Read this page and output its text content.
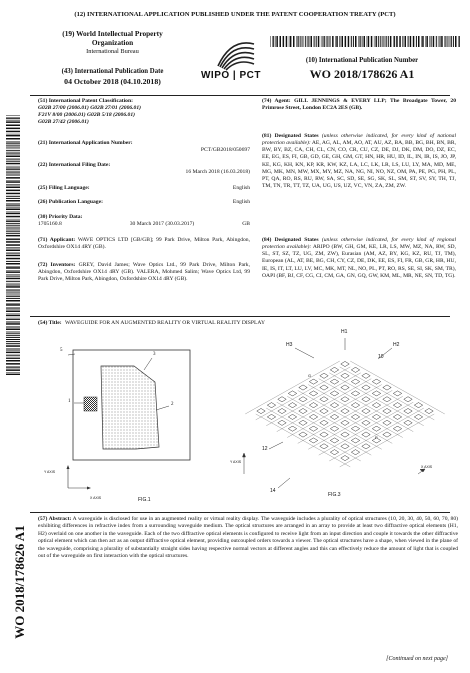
(12) INTERNATIONAL APPLICATION PUBLISHED UNDER THE PATENT COOPERATION TREATY (PCT)
(19) World Intellectual Property
Organization
International Bureau
(43) International Publication Date
04 October 2018 (04.10.2018)
WIPO | PCT
(10) International Publication Number
WO 2018/178626 A1
(51) International Patent Classification:
G02B 27/00 (2006.01) G02B 27/01 (2006.01)
F21V 8/00 (2006.01) G02B 5/18 (2006.01)
G02B 27/42 (2006.01)
(21) International Application Number:
PCT/GB2018/050697
(22) International Filing Date:
16 March 2018 (16.03.2018)
(25) Filing Language:	English
(26) Publication Language:	English
(30) Priority Data:
1705160.8	30 March 2017 (30.03.2017)	GB
(71) Applicant: WAVE OPTICS LTD [GB/GB]; 99 Park Drive, Milton Park, Abingdon, Oxfordshire OX14 4RY (GB).
(72) Inventors: GREY, David James; Wave Optics Ltd., 99 Park Drive, Milton Park, Abingdon, Oxfordshire OX14 4RY (GB). VALERA, Mohmed Salim; Wave Optics Ltd, 99 Park Drive, Milton Park, Abingdon, Oxfordshire OX14 4RY (GB).
(74) Agent: GILL JENNINGS & EVERY LLP; The Broadgate Tower, 20 Primrose Street, London EC2A 2ES (GB).
(81) Designated States (unless otherwise indicated, for every kind of national protection available): AE, AG, AL, AM, AO, AT, AU, AZ, BA, BB, BG, BH, BN, BR, BW, BY, BZ, CA, CH, CL, CN, CO, CR, CU, CZ, DE, DJ, DK, DM, DO, DZ, EC, EE, EG, ES, FI, GB, GD, GE, GH, GM, GT, HN, HR, HU, ID, IL, IN, IR, IS, JO, JP, KE, KG, KH, KN, KP, KR, KW, KZ, LA, LC, LK, LR, LS, LU, LY, MA, MD, ME, MG, MK, MN, MW, MX, MY, MZ, NA, NG, NI, NO, NZ, OM, PA, PE, PG, PH, PL, PT, QA, RO, RS, RU, RW, SA, SC, SD, SE, SG, SK, SL, SM, ST, SV, SY, TH, TJ, TM, TN, TR, TT, TZ, UA, UG, US, UZ, VC, VN, ZA, ZM, ZW.
(84) Designated States (unless otherwise indicated, for every kind of regional protection available): ARIPO (BW, GH, GM, KE, LR, LS, MW, MZ, NA, RW, SD, SL, ST, SZ, TZ, UG, ZM, ZW), Eurasian (AM, AZ, BY, KG, KZ, RU, TJ, TM), European (AL, AT, BE, BG, CH, CY, CZ, DE, DK, EE, ES, FI, FR, GB, GR, HR, HU, IE, IS, IT, LT, LU, LV, MC, MK, MT, NL, NO, PL, PT, RO, RS, SE, SI, SK, SM, TR), OAPI (BF, BJ, CF, CG, CI, CM, GA, GN, GQ, GW, KM, ML, MR, NE, SN, TD, TG).
(54) Title: WAVEGUIDE FOR AN AUGMENTED REALITY OR VIRTUAL REALITY DISPLAY
5
3
2
1
Y AXIS
X AXIS	FIG.1
H1
H3	H2
10
12
14
G
P
Y AXIS
X AXIS
FIG.3
WO 2018/178626 A1
(57) Abstract: A waveguide is disclosed for use in an augmented reality or virtual reality display. The waveguide includes a plurality of optical structures (10, 20, 30, 40, 50, 60, 70, 80) exhibiting differences in refractive index from a surrounding waveguide medium. The optical structures are arranged in an array to provide at least two diffractive optical elements (H1, H2) overlaid on one another in the waveguide. Each of the two diffractive optical elements is configured to receive light from an input direction and couple it towards the other diffractive optical element which can then act as an output diffractive optical element, providing outcoupled orders towards a viewer. The optical structures have a shape, when viewed in the plane of the waveguide, comprising a plurality of substantially straight sides having respective normal vectors at different angles and this can effectively reduce the amount of light that is coupled out of the waveguide on first interaction with the optical structures.
[Continued on next page]
